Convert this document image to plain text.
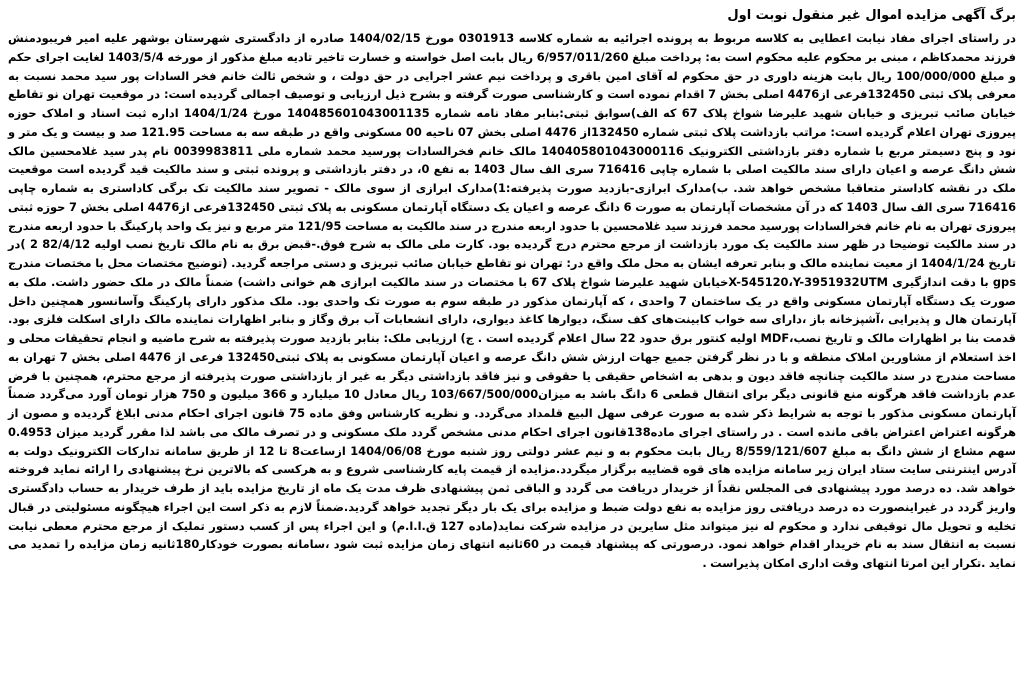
برگ آگهی مزایده اموال غیر منقول نوبت اول

در راستای اجرای مفاد نیابت اعطایی به کلاسه مربوط به پرونده اجرائیه به شماره کلاسه 0301913 مورخ 1404/02/15 صادره از دادگستری شهرستان بوشهر علیه امیر فریبودمنش فرزند محمدکاظم ، مبنی بر محکوم علیه محکوم است به: پرداخت مبلغ 6/957/011/260 ریال بابت اصل خواسته و خسارت تاخیر تادیه مبلغ مذکور از مورخه 1403/5/4 لغایت اجرای حکم و مبلغ 100/000/000 ریال بابت هزینه داوری در حق محکوم له آقای امین باقری و پرداخت نیم عشر اجرایی در حق دولت ، و شخص ثالث خانم فخر السادات پور سید محمد نسبت به معرفی پلاک ثبتی 132450فرعی از4476 اصلی بخش 7 اقدام نموده است و کارشناسی صورت گرفته و بشرح ذیل ارزیابی و توصیف اجمالی گردیده است: در موقعیت تهران نو تقاطع خیابان صائب تبریزی و خیابان شهید علیرضا شواخ پلاک 67 که الف)سوابق ثبتی:بنابر مفاد نامه شماره 140485601043001135 مورخ 1404/1/24 اداره ثبت اسناد و املاک حوزه پیروزی تهران اعلام گردیده است: مراتب بازداشت پلاک ثبتی شماره 132450از 4476 اصلی بخش 07 ناحیه 00 مسکونی واقع در طبقه سه به مساحت 121.95 صد و بیست و یک متر و نود و پنج دسیمتر مربع با شماره دفتر بازداشتی الکترونیک 140405801043000116 مالک خانم فخرالسادات پورسید محمد شماره ملی 0039983811 نام پدر سید غلامحسین مالک شش دانگ عرصه و اعیان دارای سند مالکیت اصلی با شماره چاپی 716416 سری الف سال 1403 به نفع 0، در دفتر بازداشتی و پرونده ثبتی و سند مالکیت قید گردیده است موقعیت ملک در نقشه کاداستر متعاقبا مشخص خواهد شد. ب)مدارک ابرازی-بازدید صورت پذیرفته:1)مدارک ابرازی از سوی مالک - تصویر سند مالکیت تک برگی کاداستری به شماره چاپی 716416 سری الف سال 1403 که در آن مشخصات آپارتمان به صورت 6 دانگ عرصه و اعیان یک دستگاه آپارتمان مسکونی به پلاک ثبتی 132450فرعی از4476 اصلی بخش 7 حوزه ثبتی پیروزی تهران به نام خانم فخرالسادات پورسید محمد فرزند سید غلامحسین با حدود اربعه مندرج در سند مالکیت به مساحت 121/95 متر مربع و نیز یک واحد پارکینگ با حدود اربعه مندرج در سند مالکیت توضیحا در ظهر سند مالکیت یک مورد بازداشت از مرجع محترم درج گردیده بود. کارت ملی مالک به شرح فوق.-قبض برق به نام مالک تاریخ نصب اولیه 82/4/12 2 )در تاریخ 1404/1/24 از معیت نماینده مالک و بنابر تعرفه ایشان به محل ملک واقع در: تهران نو تقاطع خیابان صائب تبریزی و دستی مراجعه گردید. (توضیح مختصات محل با مختصات مندرج gps با دقت اندازگیری X-545120،Y-3951932UTMخیابان شهید علیرضا شواخ پلاک 67 با مختصات در سند مالکیت ابرازی هم خوانی داشت) ضمناً مالک در ملک حضور داشت. ملک به صورت یک دستگاه آپارتمان مسکونی واقع در یک ساختمان 7 واحدی ، که آپارتمان مذکور در طبقه سوم به صورت تک واحدی بود. ملک مذکور دارای پارکینگ وآسانسور همچنین داخل آپارتمان هال و پذیرایی ،آشپزخانه باز ،دارای سه خواب کابینت‌های کف سنگ، دیوارها کاغذ دیواری، دارای انشعابات آب برق وگاز و بنابر اظهارات نماینده مالک دارای اسکلت فلزی بود. قدمت بنا بر اظهارات مالک و تاریخ نصب،MDF اولیه کنتور برق حدود 22 سال اعلام گردیده است . ج) ارزیابی ملک: بنابر بازدید صورت پذیرفته به شرح ماضیه و انجام تحقیقات محلی و اخذ استعلام از مشاورین املاک منطقه و با در نظر گرفتن جمیع جهات ارزش شش دانگ عرصه و اعیان آپارتمان مسکونی به پلاک ثبتی132450 فرعی از 4476 اصلی بخش 7 تهران به مساحت مندرج در سند مالکیت چنانچه فاقد دیون و بدهی به اشخاص حقیقی یا حقوقی و نیز فاقد بازداشتی دیگر به غیر از بازداشتی صورت پذیرفته از مرجع محترم، همچنین با فرض عدم بازداشت فاقد هرگونه منع قانونی دیگر برای انتقال قطعی 6 دانگ باشد به میزان103/667/500/000 ریال معادل 10 میلیارد و 366 میلیون و 750 هزار تومان آورد می‌گردد ضمناً آپارتمان مسکونی مذکور با توجه به شرایط ذکر شده به صورت عرفی سهل البیع قلمداد می‌گردد. و نظریه کارشناس وفق ماده 75 قانون اجرای احکام مدنی ابلاغ گردیده و مصون از هرگونه اعتراض اعتراض باقی مانده است . در راستای اجرای ماده138قانون اجرای احکام مدنی مشخص گردد ملک مسکونی و در تصرف مالک می باشد لذا مقرر گردید میزان 0.4953 سهم مشاع از شش دانگ به مبلغ 8/559/121/607 ریال بابت محکوم به و نیم عشر دولتی روز شنبه مورخ 1404/06/08 ازساعت8 تا 12 از طریق سامانه تدارکات الکترونیک دولت به آدرس اینترنتی سایت ستاد ایران زیر سامانه مزایده های قوه قضاییه برگزار میگردد.مزایده از قیمت پایه کارشناسی شروع و به هرکسی که بالاترین نرخ پیشنهادی را ارائه نماید فروخته خواهد شد. ده درصد مورد پیشنهادی فی المجلس نقداً از خریدار دریافت می گردد و الباقی ثمن پیشنهادی ظرف مدت یک ماه از تاریخ مزایده باید از طرف خریدار به حساب دادگستری واریز گردد در غیراینصورت ده درصد دریافتی روز مزایده به نفع دولت ضبط و مزایده برای یک بار دیگر تجدید خواهد گردید.ضمناً لازم به ذکر است این اجراء هیچگونه مسئولیتی در قبال تخلیه و تحویل مال توقیفی ندارد و محکوم له نیز میتواند مثل سایرین در مزایده شرکت نماید(ماده 127 ق.ا.ا.م) و این اجراء پس از کسب دستور تملیک از مرجع محترم معطی نیابت نسبت به انتقال سند به نام خریدار اقدام خواهد نمود. درصورتی که پیشنهاد قیمت در 60ثانیه انتهای زمان مزایده ثبت شود ،سامانه بصورت خودکار180ثانیه زمان مزایده را تمدید می نماید .تکرار این امرتا انتهای وقت اداری امکان پذیراست .
